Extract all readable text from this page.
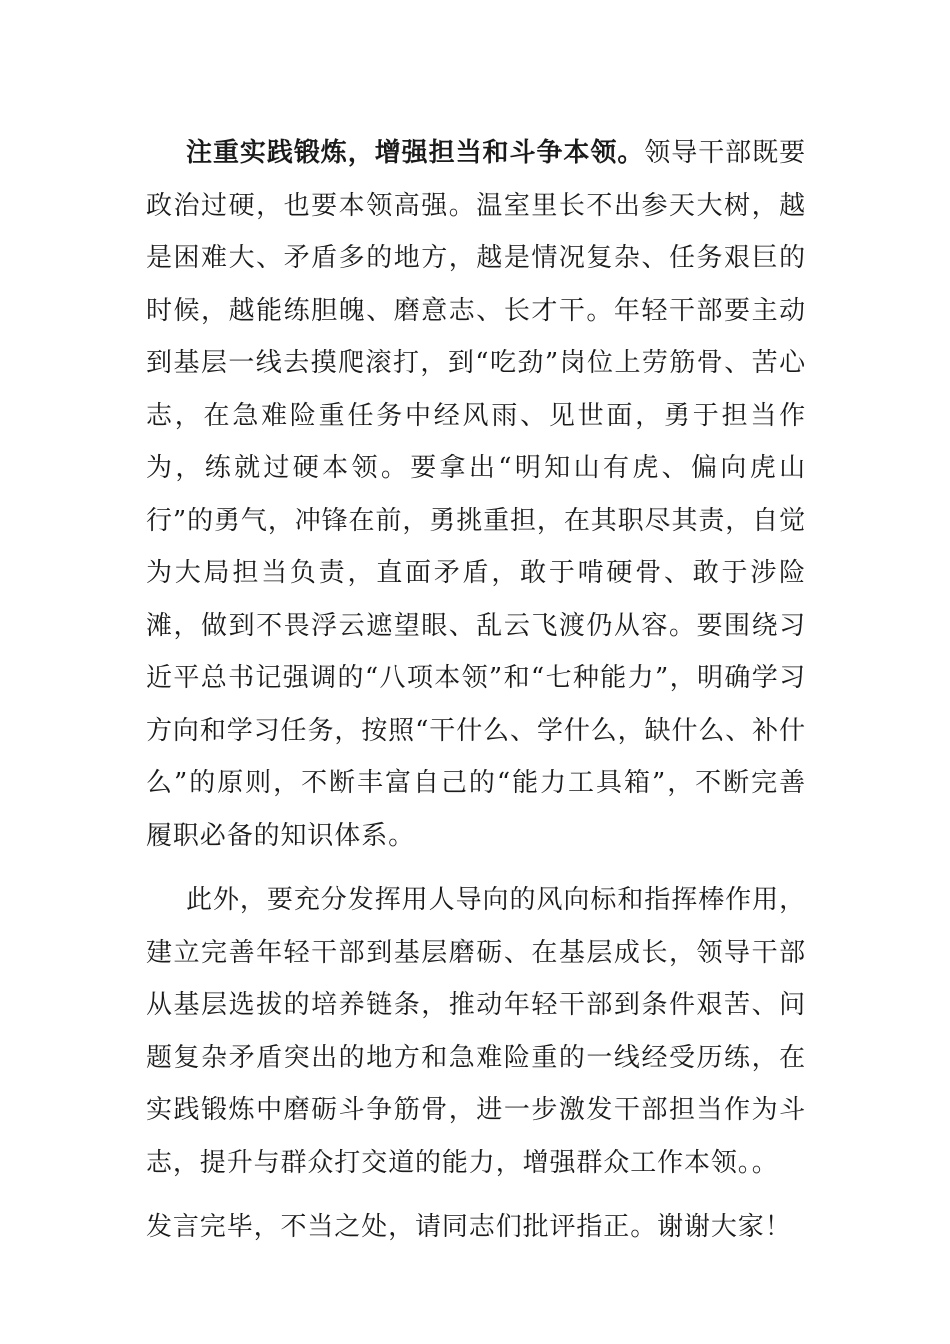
注重实践锻炼，增强担当和斗争本领。领导干部既要政治过硬，也要本领高强。温室里长不出参天大树，越是困难大、矛盾多的地方，越是情况复杂、任务艰巨的时候，越能练胆魄、磨意志、长才干。年轻干部要主动到基层一线去摸爬滚打，到“吃劲”岗位上劳筋骨、苦心志，在急难险重任务中经风雨、见世面，勇于担当作为，练就过硬本领。要拿出“明知山有虎、偏向虎山行”的勇气，冲锋在前，勇挑重担，在其职尽其责，自觉为大局担当负责，直面矛盾，敢于啃硬骨、敢于涉险滩，做到不畏浮云遮望眼、乱云飞渡仍从容。要围绕习近平总书记强调的“八项本领”和“七种能力”，明确学习方向和学习任务，按照“干什么、学什么，缺什么、补什么”的原则，不断丰富自己的“能力工具箱”，不断完善履职必备的知识体系。

此外，要充分发挥用人导向的风向标和指挥棒作用，建立完善年轻干部到基层磨砺、在基层成长，领导干部从基层选拔的培养链条，推动年轻干部到条件艰苦、问题复杂矛盾突出的地方和急难险重的一线经受历练，在实践锻炼中磨砺斗争筋骨，进一步激发干部担当作为斗志，提升与群众打交道的能力，增强群众工作本领。。

发言完毕，不当之处，请同志们批评指正。谢谢大家！
